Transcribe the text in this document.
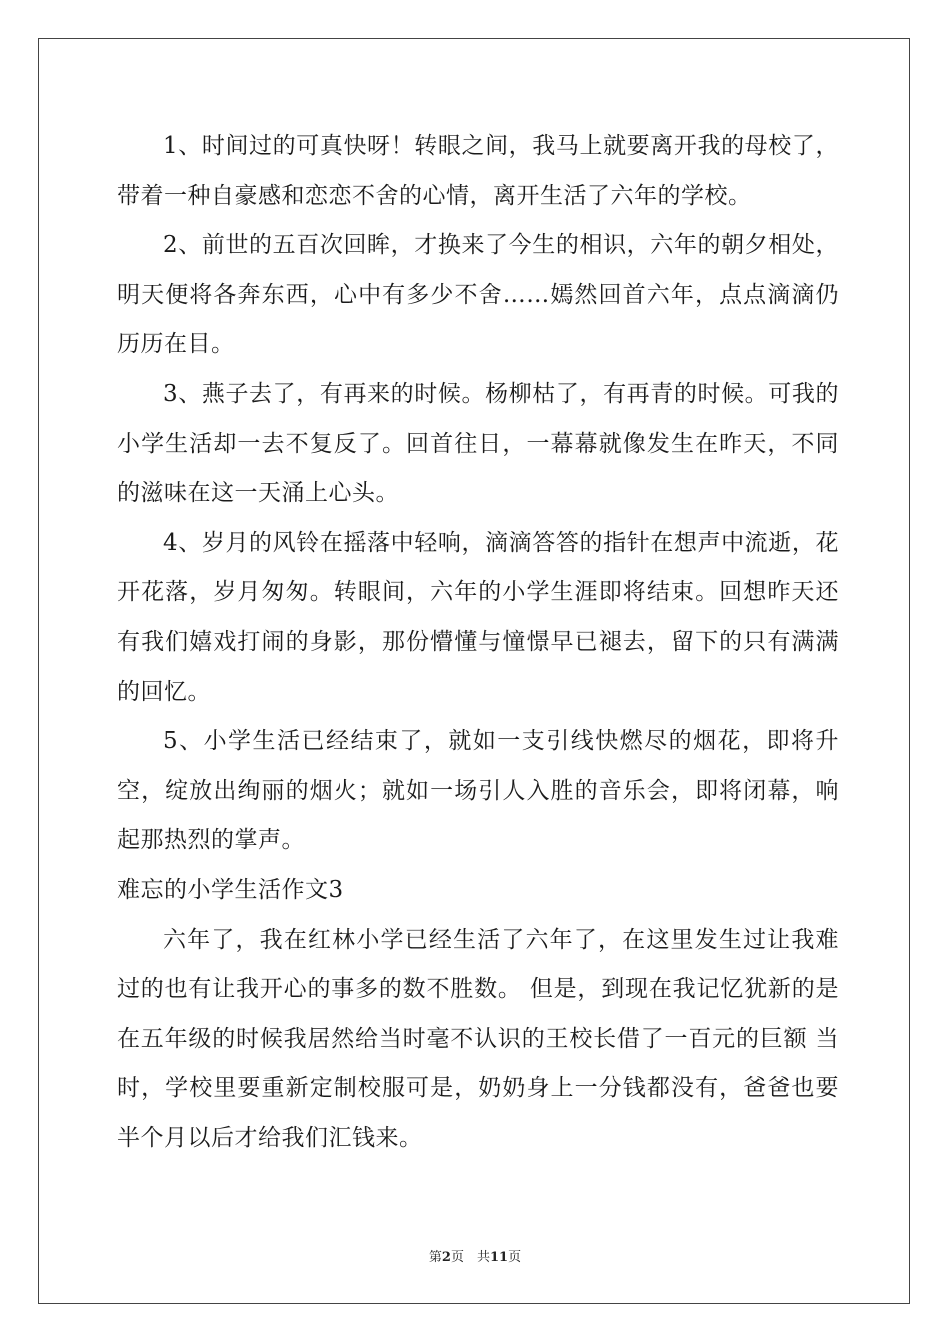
1、时间过的可真快呀！转眼之间，我马上就要离开我的母校了，带着一种自豪感和恋恋不舍的心情，离开生活了六年的学校。

2、前世的五百次回眸，才换来了今生的相识，六年的朝夕相处，明天便将各奔东西，心中有多少不舍……嫣然回首六年，点点滴滴仍历历在目。

3、燕子去了，有再来的时候。杨柳枯了，有再青的时候。可我的小学生活却一去不复反了。回首往日，一幕幕就像发生在昨天，不同的滋味在这一天涌上心头。

4、岁月的风铃在摇落中轻响，滴滴答答的指针在想声中流逝，花开花落，岁月匆匆。转眼间，六年的小学生涯即将结束。回想昨天还有我们嬉戏打闹的身影，那份懵懂与憧憬早已褪去，留下的只有满满的回忆。

5、小学生活已经结束了，就如一支引线快燃尽的烟花，即将升空，绽放出绚丽的烟火；就如一场引人入胜的音乐会，即将闭幕，响起那热烈的掌声。

难忘的小学生活作文3

六年了，我在红林小学已经生活了六年了，在这里发生过让我难过的也有让我开心的事多的数不胜数。 但是，到现在我记忆犹新的是在五年级的时候我居然给当时毫不认识的王校长借了一百元的巨额 当时，学校里要重新定制校服可是，奶奶身上一分钱都没有，爸爸也要半个月以后才给我们汇钱来。

第2页　共11页
